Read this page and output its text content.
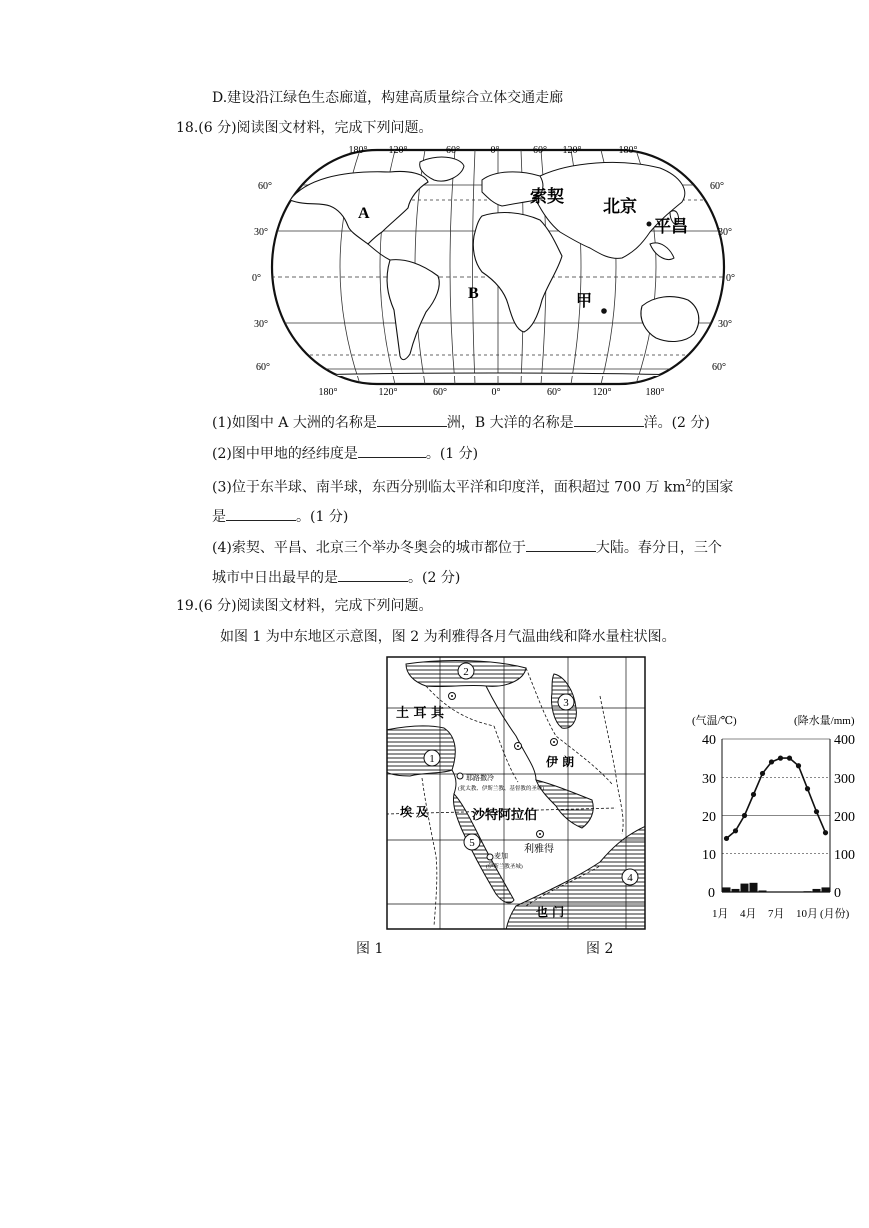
D.建设沿江绿色生态廊道，构建高质量综合立体交通走廊
18.(6 分)阅读图文材料，完成下列问题。
180° 120°	60°	0°	60° 120°	180°
180°	120°	60°	0°	60°	120°	180°
60°
30°
0°
30°
60°
60°
30°
0°
30°
60°
A
B	甲
索契 北京
平昌
(1)如图中 A 大洲的名称是	洲，B 大洋的名称是	洋。(2 分)
(2)图中甲地的经纬度是	。(1 分)
(3)位于东半球、南半球，东西分别临太平洋和印度洋，面积超过 700 万 $km^2$的国家
是	。(1 分)
(4)索契、平昌、北京三个举办冬奥会的城市都位于	大陆。春分日，三个
城市中日出最早的是	。(2 分)
19.(6 分)阅读图文材料，完成下列问题。
如图 1 为中东地区示意图，图 2 为利雅得各月气温曲线和降水量柱状图。
2
3
1
5
4
土 耳 其
伊 朗
埃 及	沙特阿拉伯
利雅得
耶路撒冷
(犹太教、伊斯兰教、基督教的圣城)
麦加
(伊斯兰教圣城)
也 门
图 1
(气温/℃)	(降水量/mm)
40
30
20
10
0
400
300
200
100
0
1月 4月 7月 10月 (月份)
图 2
